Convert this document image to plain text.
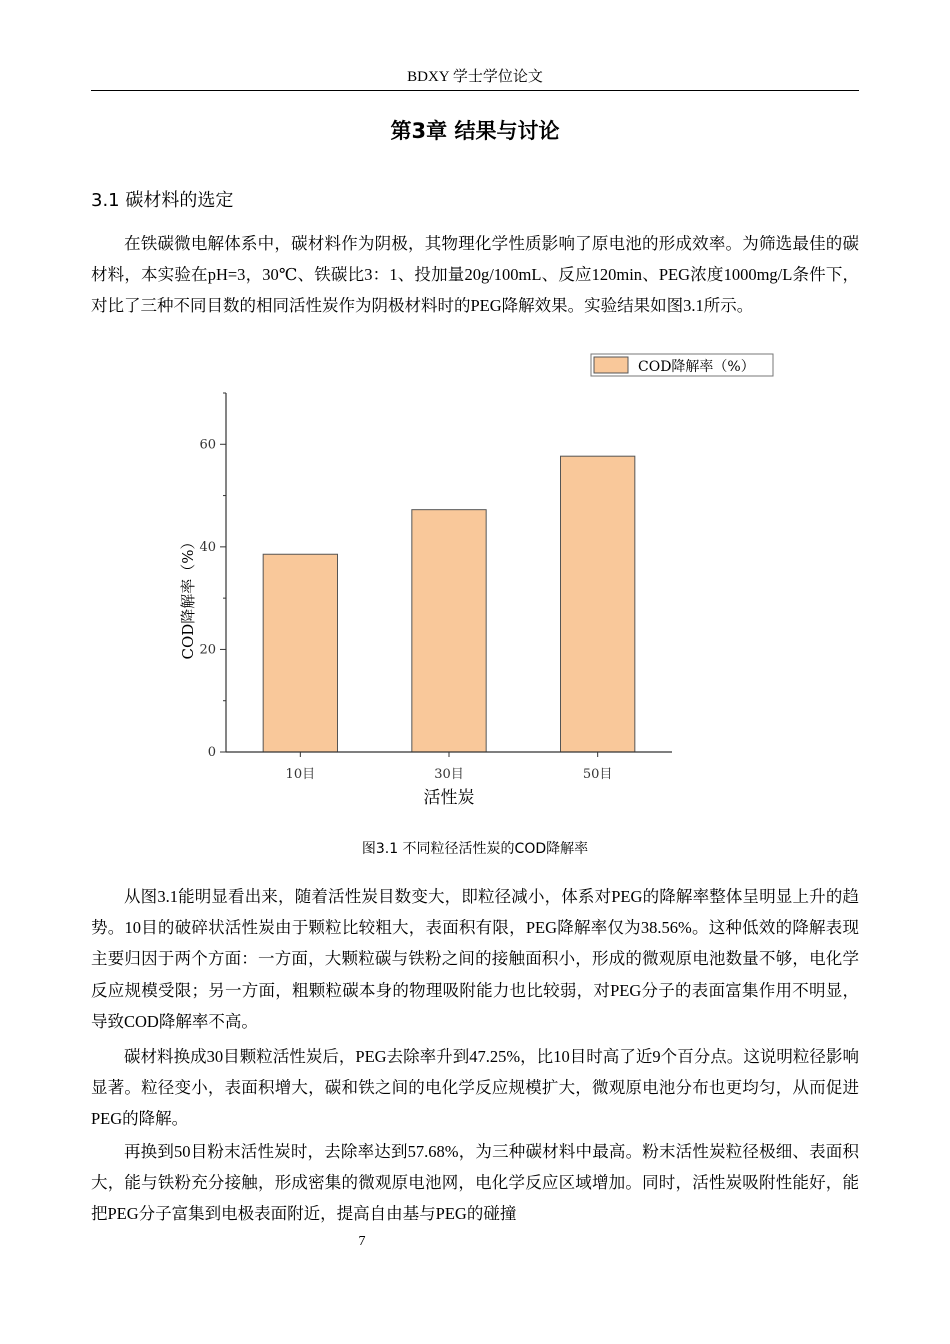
BDXY 学士学位论文
第3章 结果与讨论
3.1 碳材料的选定

在铁碳微电解体系中，碳材料作为阴极，其物理化学性质影响了原电池的形成效率。为筛选最佳的碳材料，本实验在pH=3，30℃、铁碳比3：1、投加量20g/100mL、反应120min、PEG浓度1000mg/L条件下，对比了三种不同目数的相同活性炭作为阴极材料时的PEG降解效果。实验结果如图3.1所示。

COD降解率（%）
0
20
40
60
10目	30目	50目
活性炭
COD降解率（%）
图3.1 不同粒径活性炭的COD降解率

从图3.1能明显看出来，随着活性炭目数变大，即粒径减小，体系对PEG的降解率整体呈明显上升的趋势。10目的破碎状活性炭由于颗粒比较粗大，表面积有限，PEG降解率仅为38.56%。这种低效的降解表现主要归因于两个方面：一方面，大颗粒碳与铁粉之间的接触面积小，形成的微观原电池数量不够，电化学反应规模受限；另一方面，粗颗粒碳本身的物理吸附能力也比较弱，对PEG分子的表面富集作用不明显，导致COD降解率不高。

碳材料换成30目颗粒活性炭后，PEG去除率升到47.25%，比10目时高了近9个百分点。这说明粒径影响显著。粒径变小，表面积增大，碳和铁之间的电化学反应规模扩大，微观原电池分布也更均匀，从而促进PEG的降解。

再换到50目粉末活性炭时，去除率达到57.68%，为三种碳材料中最高。粉末活性炭粒径极细、表面积大，能与铁粉充分接触，形成密集的微观原电池网，电化学反应区域增加。同时，活性炭吸附性能好，能把PEG分子富集到电极表面附近，提高自由基与PEG的碰撞

7
